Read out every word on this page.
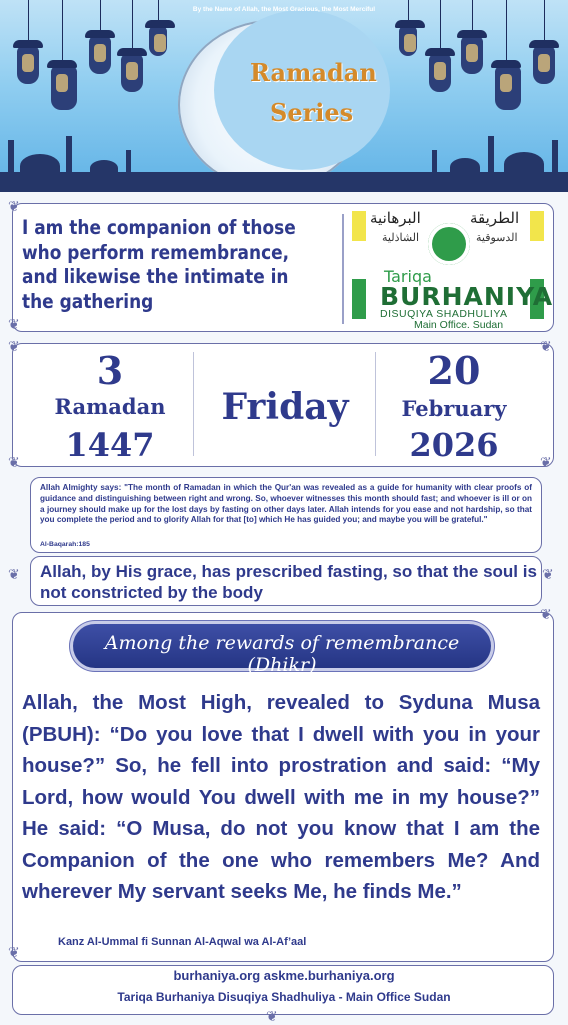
By the Name of Allah, the Most Gracious, the Most Merciful
Ramadan
Series
❦
❦
I am the companion of those who perform remembrance, and likewise the intimate in the gathering
الطريقة
البرهانية
الدسوقية
الشاذلية
Tariqa
BURHANIYA
DISUQIYA SHADHULIYA
Main Office. Sudan
❦	❦
❦	❦
3
Ramadan
1447
Friday
20
February
2026
Allah Almighty says: "The month of Ramadan in which the Qur'an was revealed as a guide for humanity with clear proofs of guidance and distinguishing between right and wrong. So, whoever witnesses this month should fast; and whoever is ill or on a journey should make up for the lost days by fasting on other days later. Allah intends for you ease and not hardship, so that you complete the period and to glorify Allah for that [to] which He has guided you; and maybe you will be grateful."
Al-Baqarah:185
❦	❦
Allah, by His grace, has prescribed fasting, so that the soul is not constricted by the body
❦
❦
Among the rewards of remembrance (Dhikr)
Allah, the Most High, revealed to Syduna Musa (PBUH): “Do you love that I dwell with you in your house?” So, he fell into prostration and said: “My Lord, how would You dwell with me in my house?” He said: “O Musa, do not you know that I am the Companion of the one who remembers Me? And wherever My servant seeks Me, he finds Me.”
Kanz Al-Ummal fi Sunnan Al-Aqwal wa Al-Af’aal
burhaniya.org askme.burhaniya.org
Tariqa Burhaniya Disuqiya Shadhuliya - Main Office Sudan
❦
